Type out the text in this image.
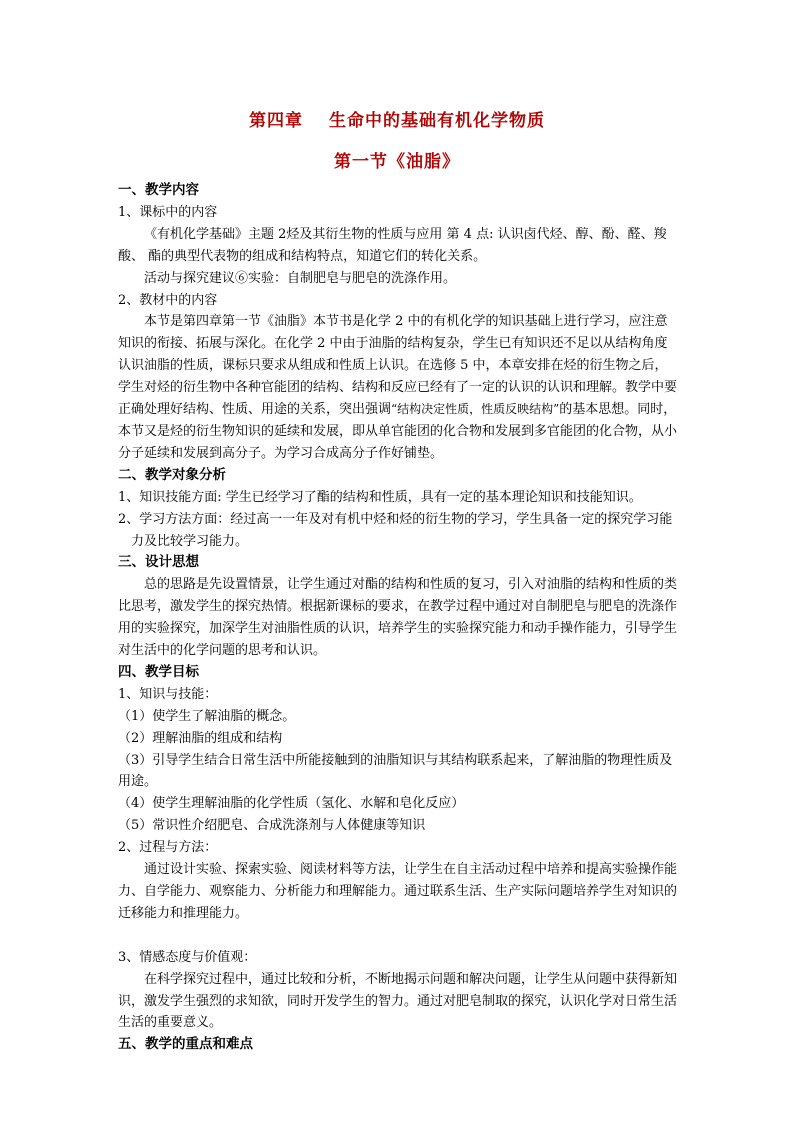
第四章 生命中的基础有机化学物质
第一节《油脂》

一、教学内容

1、课标中的内容

《有机化学基础》主题 2烃及其衍生物的性质与应用 第 4 点: 认识卤代烃、醇、酚、醛、羧酸、 酯的典型代表物的组成和结构特点，知道它们的转化关系。

活动与探究建议⑥实验：自制肥皂与肥皂的洗涤作用。

2、教材中的内容

本节是第四章第一节《油脂》本节书是化学 2 中的有机化学的知识基础上进行学习，应注意知识的衔接、拓展与深化。在化学 2 中由于油脂的结构复杂，学生已有知识还不足以从结构角度认识油脂的性质，课标只要求从组成和性质上认识。在选修 5 中，本章安排在烃的衍生物之后，学生对烃的衍生物中各种官能团的结构、结构和反应已经有了一定的认识的认识和理解。教学中要正确处理好结构、性质、用途的关系，突出强调“结构决定性质，性质反映结构”的基本思想。同时，本节又是烃的衍生物知识的延续和发展，即从单官能团的化合物和发展到多官能团的化合物，从小分子延续和发展到高分子。为学习合成高分子作好铺垫。

二、教学对象分析

1、知识技能方面: 学生已经学习了酯的结构和性质，具有一定的基本理论知识和技能知识。

2、学习方法方面：经过高一一年及对有机中烃和烃的衍生物的学习，学生具备一定的探究学习能力及比较学习能力。

三、设计思想

总的思路是先设置情景，让学生通过对酯的结构和性质的复习，引入对油脂的结构和性质的类比思考，激发学生的探究热情。根据新课标的要求，在教学过程中通过对自制肥皂与肥皂的洗涤作用的实验探究，加深学生对油脂性质的认识，培养学生的实验探究能力和动手操作能力，引导学生对生活中的化学问题的思考和认识。

四、教学目标

1、知识与技能：

（1）使学生了解油脂的概念。

（2）理解油脂的组成和结构

（3）引导学生结合日常生活中所能接触到的油脂知识与其结构联系起来，了解油脂的物理性质及用途。

（4）使学生理解油脂的化学性质（氢化、水解和皂化反应）

（5）常识性介绍肥皂、合成洗涤剂与人体健康等知识

2、过程与方法：

通过设计实验、探索实验、阅读材料等方法，让学生在自主活动过程中培养和提高实验操作能力、自学能力、观察能力、分析能力和理解能力。通过联系生活、生产实际问题培养学生对知识的迁移能力和推理能力。

3、情感态度与价值观：

在科学探究过程中，通过比较和分析，不断地揭示问题和解决问题，让学生从问题中获得新知识，激发学生强烈的求知欲，同时开发学生的智力。通过对肥皂制取的探究，认识化学对日常生活生活的重要意义。

五、教学的重点和难点
